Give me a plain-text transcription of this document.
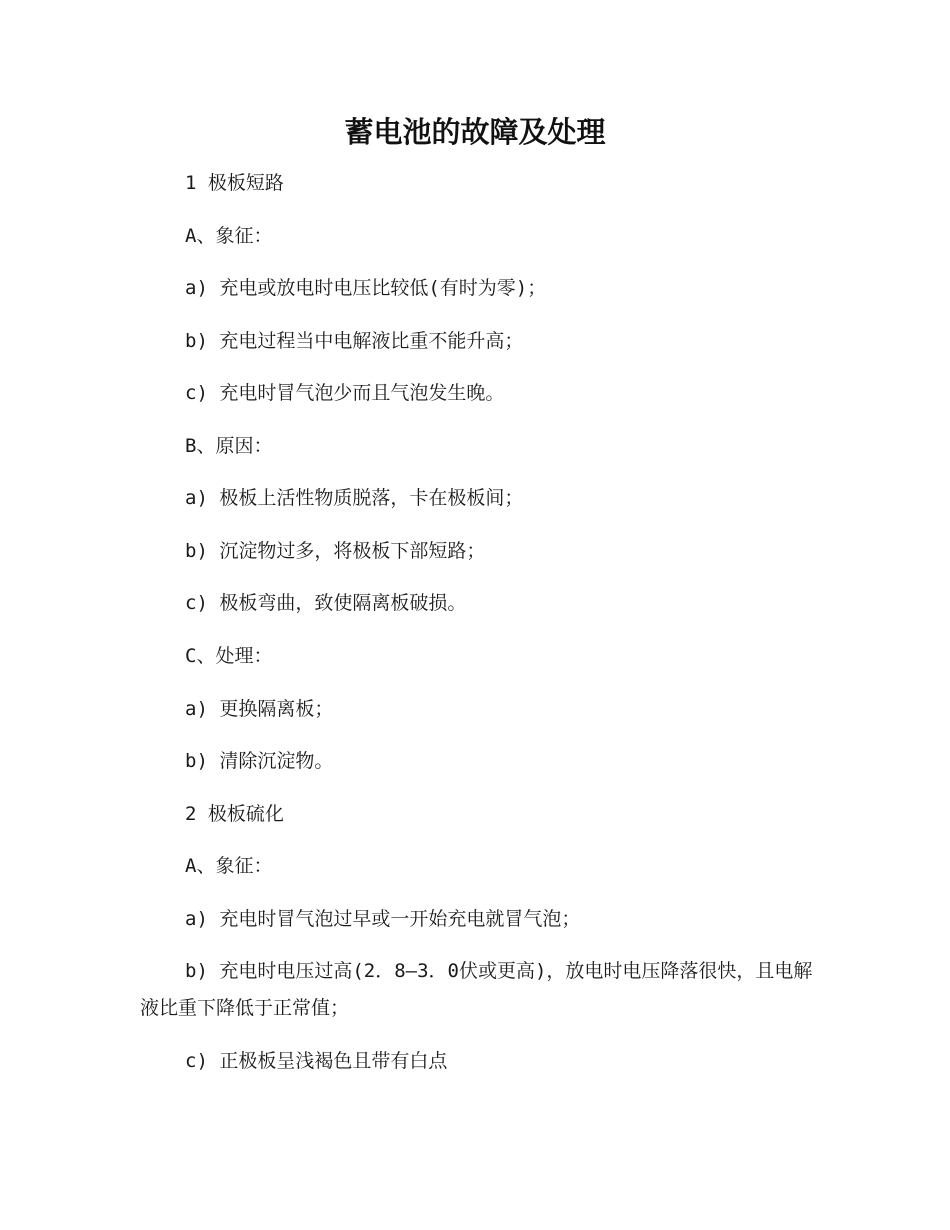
蓄电池的故障及处理

1 极板短路

A、象征：

a) 充电或放电时电压比较低(有时为零)；

b) 充电过程当中电解液比重不能升高；

c) 充电时冒气泡少而且气泡发生晚。

B、原因：

a) 极板上活性物质脱落，卡在极板间；

b) 沉淀物过多，将极板下部短路；

c) 极板弯曲，致使隔离板破损。

C、处理：

a) 更换隔离板；

b) 清除沉淀物。

2 极板硫化

A、象征：

a) 充电时冒气泡过早或一开始充电就冒气泡；

b) 充电时电压过高(2．8—3．0伏或更高)，放电时电压降落很快，且电解液比重下降低于正常值；

c) 正极板呈浅褐色且带有白点
